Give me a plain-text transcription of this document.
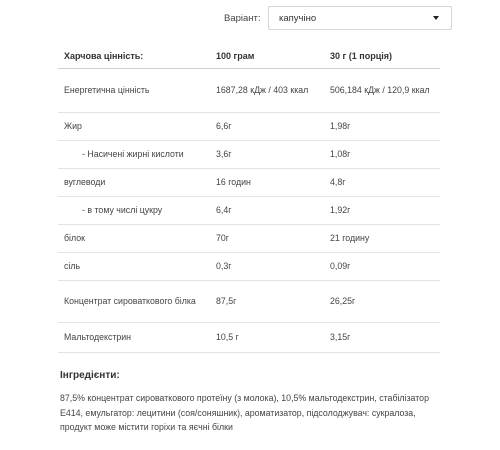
Варіант:	капучіно
Харчова цінність:	100 грам	30 г (1 порція)
Енергетична цінність	1687,28 кДж / 403 ккал	506,184 кДж / 120,9 ккал
Жир	6,6г	1,98г
- Насичені жирні кислоти	3,6г	1,08г
вуглеводи	16 годин	4,8г
- в тому числі цукру	6,4г	1,92г
білок	70г	21 годину
сіль	0,3г	0,09г
Концентрат сироваткового білка	87,5г	26,25г
Мальтодекстрин	10,5 г	3,15г
Інгредієнти:
87,5% концентрат сироваткового протеїну (з молока), 10,5% мальтодекстрин, стабілізатор E414, емульгатор: лецитини (соя/соняшник), ароматизатор, підсолоджувач: сукралоза, продукт може містити горіхи та яєчні білки
